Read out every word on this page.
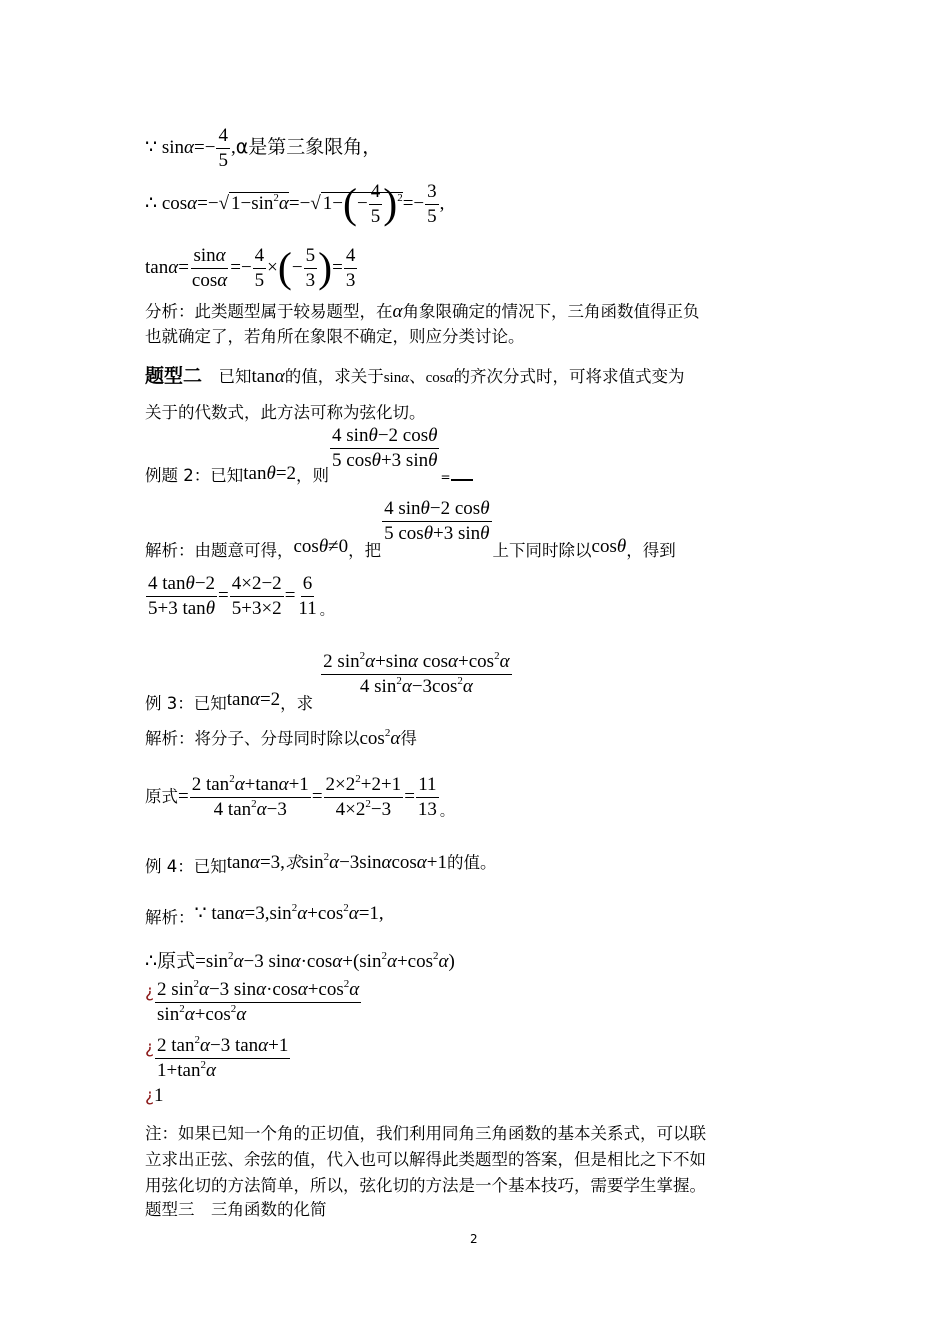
∵ $\sin\alpha=- \frac{4}{5} ,\alpha$是第三象限角，
∴ cosα=−√ $1-\sin^2\alpha=-√$ $1-(- \frac{4}{5} )^2=- \frac{3}{5}$ ,
$\tan\alpha= \frac{\sin\alpha}{\cos\alpha} =- \frac{4}{5}$ ×(− $\frac{5}{3}$ )= $\frac{4}{3}$
分析：此类题型属于较易题型，在α角象限确定的情况下，三角函数值得正负
也就确定了，若角所在象限不确定，则应分类讨论。
题型二　 已知tanα的值，求关于sinα、cosα的齐次分式时，可将求值式变为
关于的代数式，此方法可称为弦化切。
例题 2：已知tanθ=2，则
$\frac{4 \sin\theta-2 \cos\theta}{5 \cos\theta+3 \sin\theta}$
$_=$
解析：由题意可得，cosθ≠0，把
$\frac{4 \sin\theta-2 \cos\theta}{5 \cos\theta+3 \sin\theta}$
上下同时除以cosθ，得到
$\frac{4 \tan\theta-2}{5+3 \tan\theta} = \frac{4\times 2-2}{5+3\times 2} = \frac{6}{11} _。$
例 3：已知tanα=2，求
$\frac{2 \sin^2\alpha+\sin\alpha \cos\alpha+\cos^2\alpha}{4 \sin^2\alpha-3\cos^2\alpha}$
解析：将分子、分母同时除以$\cos^2\alpha$得
原式= $\frac{2 \tan^2\alpha+\tan\alpha+1}{4 \tan^2\alpha-3} = \frac{2\times 2^2+2+1}{4\times 2^2-3} = \frac{11}{13} _。$
例 4：已知tanα=3,求$\sin^2\alpha-3\sin\alpha\cos\alpha+1$的值。
解析：∵ $\tan\alpha=3,\sin^2\alpha+\cos^2\alpha=1$,
∴原式$=\sin^2\alpha-3$ $\sin\alpha\cdot\cos\alpha+(\sin^2\alpha+\cos^2\alpha)$
¿ $\frac{2 \sin^2\alpha-3 \sin\alpha\cdot\cos\alpha+\cos^2\alpha}{\sin^2\alpha+\cos^2\alpha}$
¿ $\frac{2 \tan^2\alpha-3 \tan\alpha+1}{1+\tan^2\alpha}$
¿1
注：如果已知一个角的正切值，我们利用同角三角函数的基本关系式，可以联
立求出正弦、余弦的值，代入也可以解得此类题型的答案，但是相比之下不如
用弦化切的方法简单，所以，弦化切的方法是一个基本技巧，需要学生掌握。
题型三　三角函数的化简
2
